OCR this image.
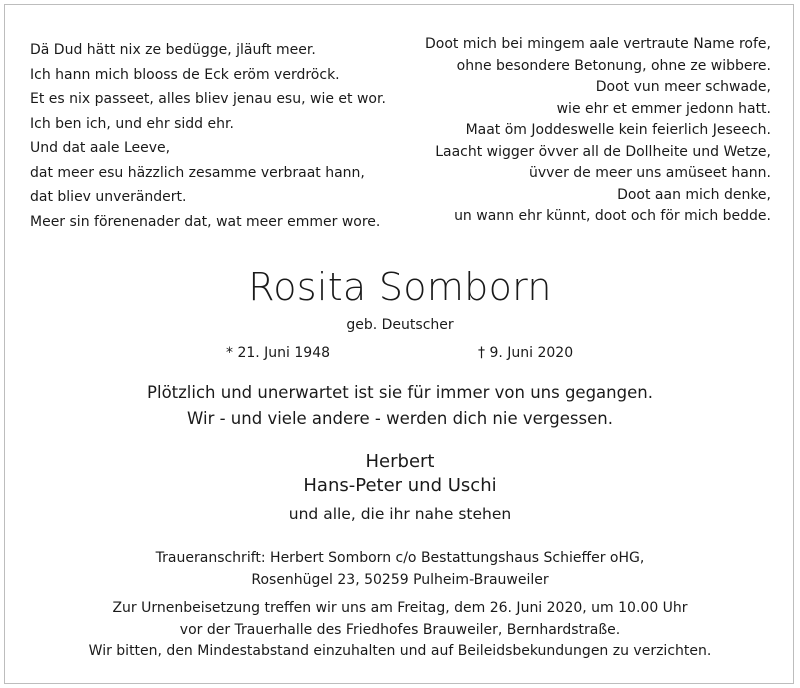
Dä Dud hätt nix ze bedügge, jläuft meer.
Ich hann mich blooss de Eck eröm verdröck.
Et es nix passeet, alles bliev jenau esu, wie et wor.
Ich ben ich, und ehr sidd ehr.
Und dat aale Leeve,
dat meer esu häzzlich zesamme verbraat hann,
dat bliev unverändert.
Meer sin förenenader dat, wat meer emmer wore.
Doot mich bei mingem aale vertraute Name rofe,
ohne besondere Betonung, ohne ze wibbere.
Doot vun meer schwade,
wie ehr et emmer jedonn hatt.
Maat öm Joddeswelle kein feierlich Jeseech.
Laacht wigger övver all de Dollheite und Wetze,
üvver de meer uns amüseet hann.
Doot aan mich denke,
un wann ehr künnt, doot och för mich bedde.
Rosita Somborn
geb. Deutscher
* 21. Juni 1948	† 9. Juni 2020
Plötzlich und unerwartet ist sie für immer von uns gegangen.
Wir - und viele andere - werden dich nie vergessen.
Herbert
Hans-Peter und Uschi
und alle, die ihr nahe stehen
Traueranschrift: Herbert Somborn c/o Bestattungshaus Schieffer oHG,
Rosenhügel 23, 50259 Pulheim-Brauweiler
Zur Urnenbeisetzung treffen wir uns am Freitag, dem 26. Juni 2020, um 10.00 Uhr
vor der Trauerhalle des Friedhofes Brauweiler, Bernhardstraße.
Wir bitten, den Mindestabstand einzuhalten und auf Beileidsbekundungen zu verzichten.
